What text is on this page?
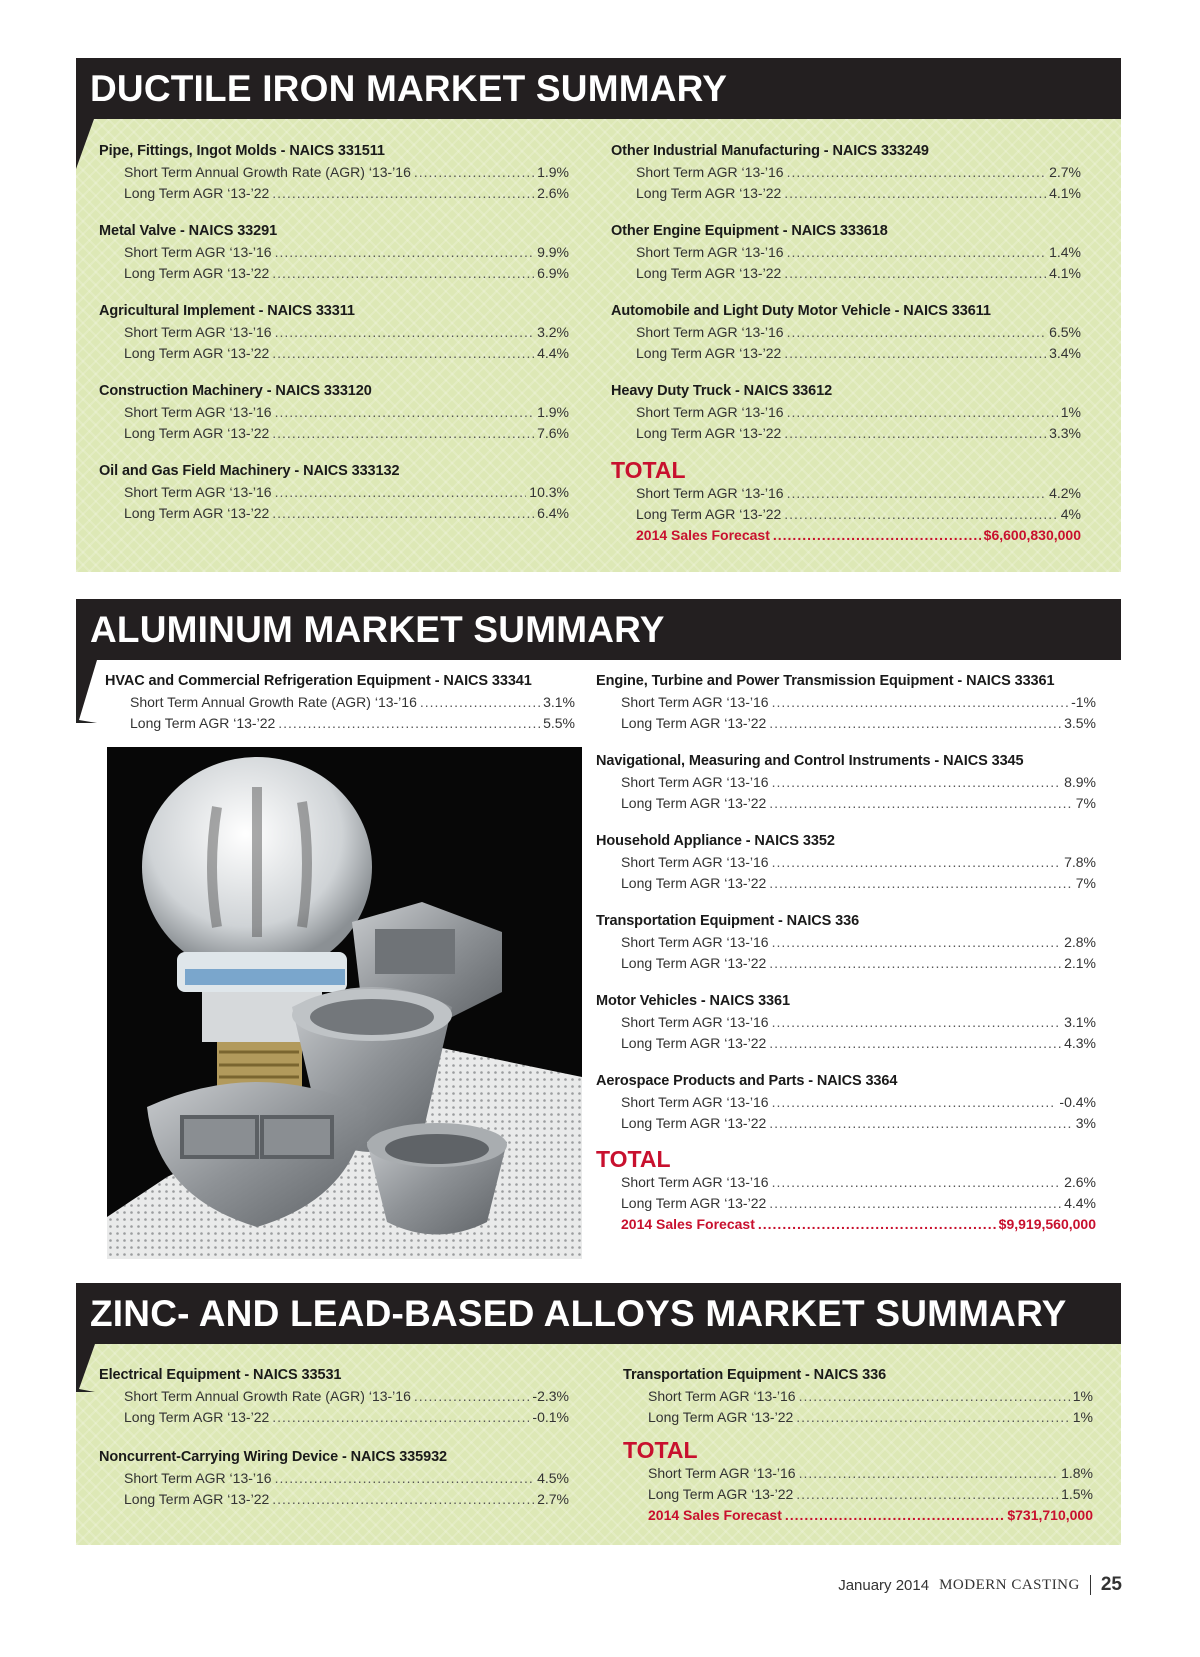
DUCTILE IRON MARKET SUMMARY
Pipe, Fittings, Ingot Molds - NAICS 331511
Short Term Annual Growth Rate (AGR) ‘13-’16 .....	1.9%
Long Term AGR ‘13-’22 .....	2.6%
Metal Valve - NAICS 33291
Short Term AGR ‘13-’16 .....	9.9%
Long Term AGR ‘13-’22 .....	6.9%
Agricultural Implement - NAICS 33311
Short Term AGR ‘13-’16 .....	3.2%
Long Term AGR ‘13-’22 .....	4.4%
Construction Machinery - NAICS 333120
Short Term AGR ‘13-’16 .....	1.9%
Long Term AGR ‘13-’22 .....	7.6%
Oil and Gas Field Machinery - NAICS 333132
Short Term AGR ‘13-’16 .....	10.3%
Long Term AGR ‘13-’22 .....	6.4%
Other Industrial Manufacturing - NAICS 333249
Short Term AGR ‘13-’16 .....	2.7%
Long Term AGR ‘13-’22 .....	4.1%
Other Engine Equipment - NAICS 333618
Short Term AGR ‘13-’16 .....	1.4%
Long Term AGR ‘13-’22 .....	4.1%
Automobile and Light Duty Motor Vehicle - NAICS 33611
Short Term AGR ‘13-’16 .....	6.5%
Long Term AGR ‘13-’22 .....	3.4%
Heavy Duty Truck - NAICS 33612
Short Term AGR ‘13-’16 .....	1%
Long Term AGR ‘13-’22 .....	3.3%
TOTAL
Short Term AGR ‘13-’16 .....	4.2%
Long Term AGR ‘13-’22 .....	4%
2014 Sales Forecast .....	$6,600,830,000
ALUMINUM MARKET SUMMARY
HVAC and Commercial Refrigeration Equipment - NAICS 33341
Short Term Annual Growth Rate (AGR) ‘13-’16 .....	3.1%
Long Term AGR ‘13-’22 .....	5.5%
Engine, Turbine and Power Transmission Equipment - NAICS 33361
Short Term AGR ‘13-’16 .....	-1%
Long Term AGR ‘13-’22 .....	3.5%
Navigational, Measuring and Control Instruments - NAICS 3345
Short Term AGR ‘13-’16 .....	8.9%
Long Term AGR ‘13-’22 .....	7%
Household Appliance - NAICS 3352
Short Term AGR ‘13-’16 .....	7.8%
Long Term AGR ‘13-’22 .....	7%
Transportation Equipment - NAICS 336
Short Term AGR ‘13-’16 .....	2.8%
Long Term AGR ‘13-’22 .....	2.1%
Motor Vehicles - NAICS 3361
Short Term AGR ‘13-’16 .....	3.1%
Long Term AGR ‘13-’22 .....	4.3%
Aerospace Products and Parts - NAICS 3364
Short Term AGR ‘13-’16 .....	-0.4%
Long Term AGR ‘13-’22 .....	3%
TOTAL
Short Term AGR ‘13-’16 .....	2.6%
Long Term AGR ‘13-’22 .....	4.4%
2014 Sales Forecast .....	$9,919,560,000
ZINC- AND LEAD-BASED ALLOYS MARKET SUMMARY
Electrical Equipment - NAICS 33531
Short Term Annual Growth Rate (AGR) ‘13-’16 .....	-2.3%
Long Term AGR ‘13-’22 .....	-0.1%
Noncurrent-Carrying Wiring Device - NAICS 335932
Short Term AGR ‘13-’16 .....	4.5%
Long Term AGR ‘13-’22 .....	2.7%
Transportation Equipment - NAICS 336
Short Term AGR ‘13-’16 .....	1%
Long Term AGR ‘13-’22 .....	1%
TOTAL
Short Term AGR ‘13-’16 .....	1.8%
Long Term AGR ‘13-’22 .....	1.5%
2014 Sales Forecast .....	$731,710,000
January 2014 MODERN CASTING 25
